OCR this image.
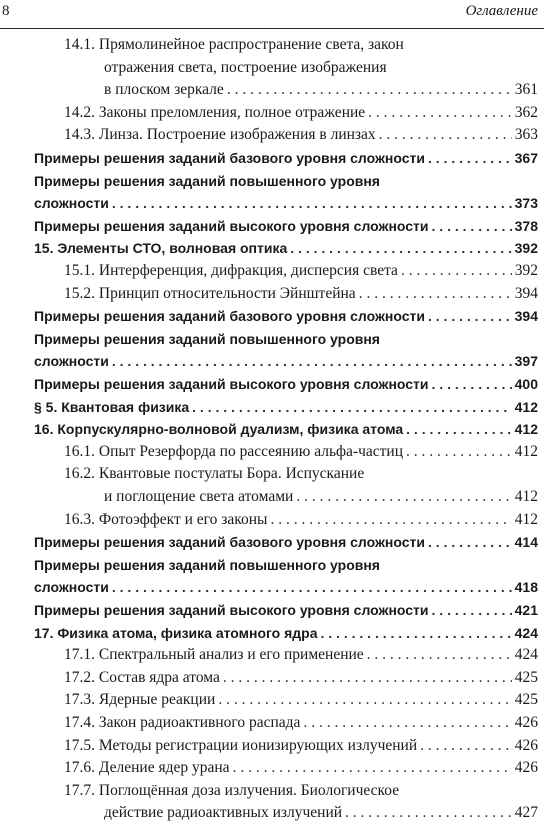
8	Оглавление
14.1. Прямолинейное распространение света, закон
отражения света, построение изображения
в плоском зеркале . . .	361
14.2. Законы преломления, полное отражение . . .	362
14.3. Линза. Построение изображения в линзах . . .	363
Примеры решения заданий базового уровня сложности . . .	367
Примеры решения заданий повышенного уровня
сложности . . .	373
Примеры решения заданий высокого уровня сложности . . .	378
15. Элементы СТО, волновая оптика . . .	392
15.1. Интерференция, дифракция, дисперсия света . . .	392
15.2. Принцип относительности Эйнштейна . . .	394
Примеры решения заданий базового уровня сложности . . .	394
Примеры решения заданий повышенного уровня
сложности . . .	397
Примеры решения заданий высокого уровня сложности . . .	400
§ 5. Квантовая физика . . .	412
16. Корпускулярно-волновой дуализм, физика атома . . .	412
16.1. Опыт Резерфорда по рассеянию альфа-частиц . . .	412
16.2. Квантовые постулаты Бора. Испускание
и поглощение света атомами . . .	412
16.3. Фотоэффект и его законы . . .	412
Примеры решения заданий базового уровня сложности . . .	414
Примеры решения заданий повышенного уровня
сложности . . .	418
Примеры решения заданий высокого уровня сложности . . .	421
17. Физика атома, физика атомного ядра . . .	424
17.1. Спектральный анализ и его применение . . .	424
17.2. Состав ядра атома . . .	425
17.3. Ядерные реакции . . .	425
17.4. Закон радиоактивного распада . . .	426
17.5. Методы регистрации ионизирующих излучений . . .	426
17.6. Деление ядер урана . . .	426
17.7. Поглощённая доза излучения. Биологическое
действие радиоактивных излучений . . .	427
